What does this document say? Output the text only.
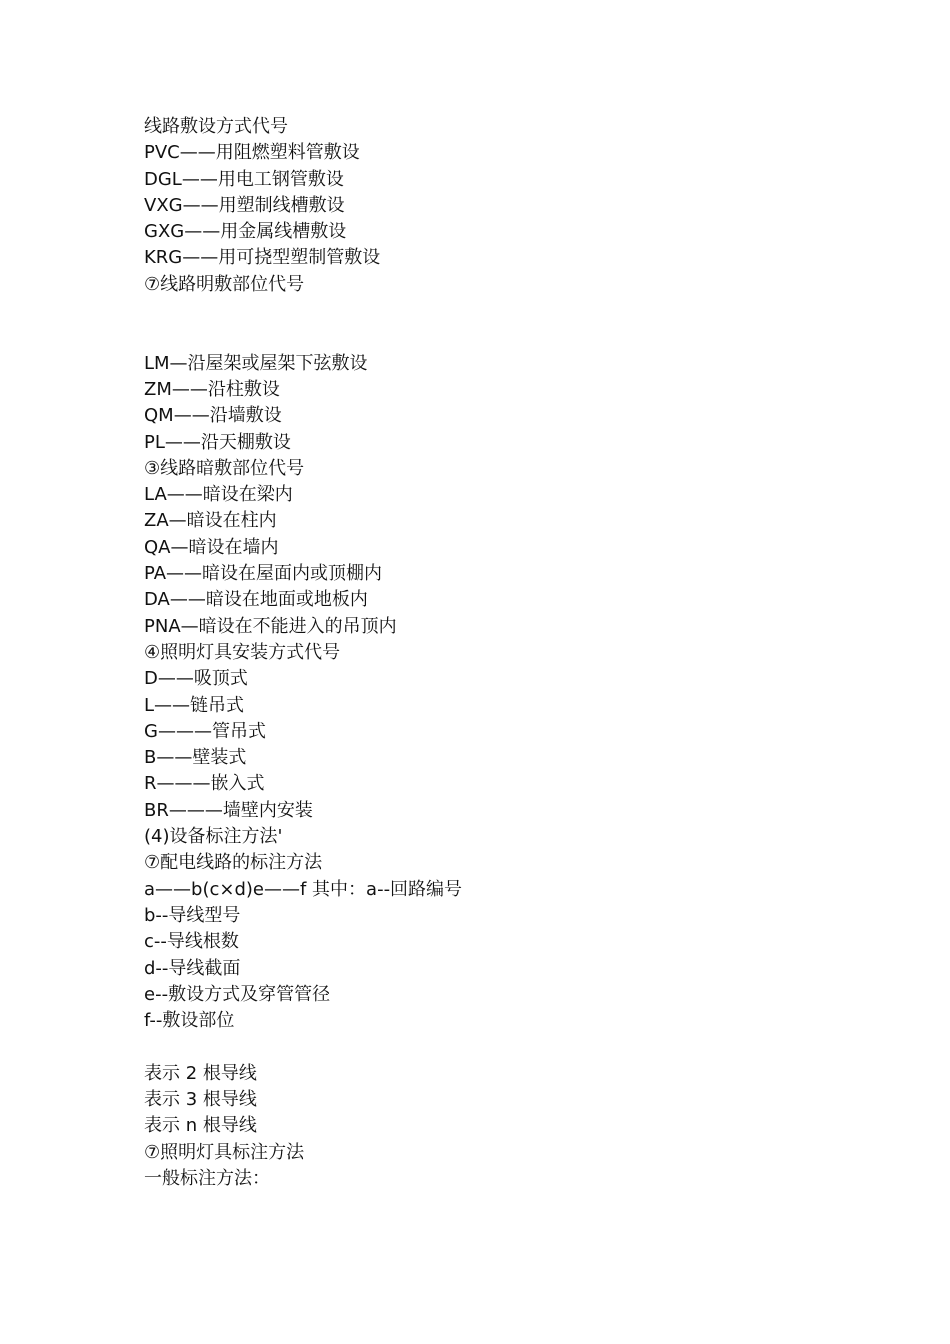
线路敷设方式代号
PVC——用阻燃塑料管敷设
DGL——用电工钢管敷设
VXG——用塑制线槽敷设
GXG——用金属线槽敷设
KRG——用可挠型塑制管敷设
⑦线路明敷部位代号
LM—沿屋架或屋架下弦敷设
ZM——沿柱敷设
QM——沿墙敷设
PL——沿天棚敷设
③线路暗敷部位代号
LA——暗设在梁内
ZA—暗设在柱内
QA—暗设在墙内
PA——暗设在屋面内或顶棚内
DA——暗设在地面或地板内
PNA—暗设在不能进入的吊顶内
④照明灯具安装方式代号
D——吸顶式
L——链吊式
G———管吊式
B——壁装式
R———嵌入式
BR———墙壁内安装
(4)设备标注方法'
⑦配电线路的标注方法
a——b(c×d)e——f 其中：a--回路编号
b--导线型号
c--导线根数
d--导线截面
e--敷设方式及穿管管径
f--敷设部位
表示 2 根导线
表示 3 根导线
表示 n 根导线
⑦照明灯具标注方法
一般标注方法：
